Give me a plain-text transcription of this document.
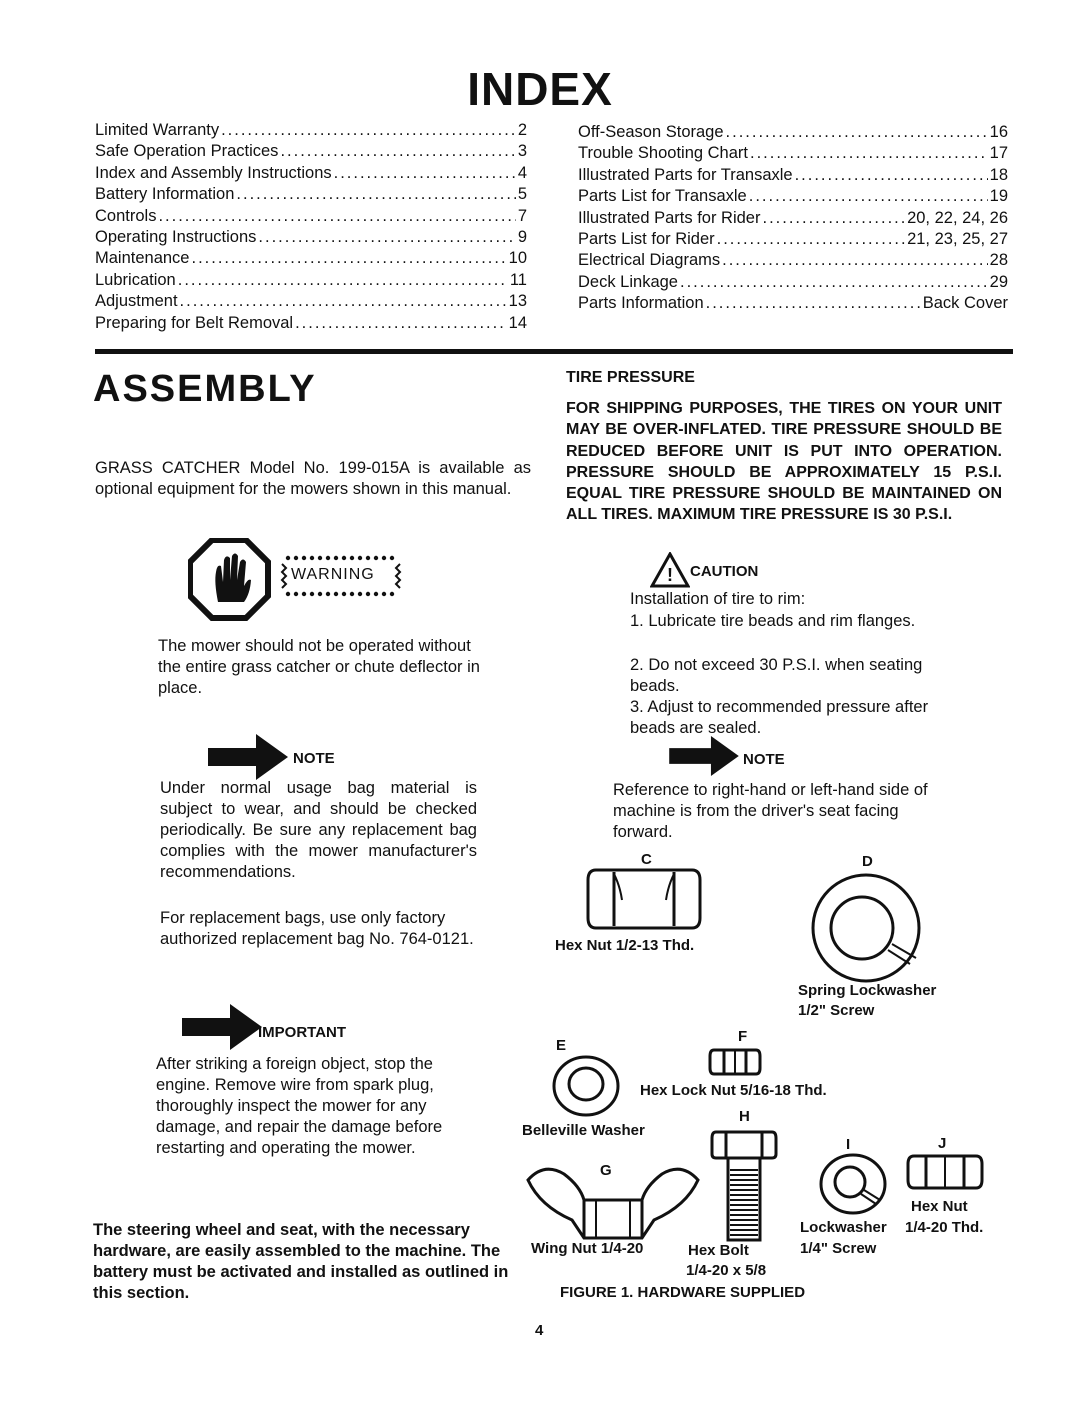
INDEX
Limited Warranty .....	2
Safe Operation Practices .....	3
Index and Assembly Instructions .....	4
Battery Information .....	5
Controls .....	7
Operating Instructions .....	9
Maintenance .....	10
Lubrication .....	11
Adjustment .....	13
Preparing for Belt Removal .....	14
Off-Season Storage .....	16
Trouble Shooting Chart .....	17
Illustrated Parts for Transaxle .....	18
Parts List for Transaxle .....	19
Illustrated Parts for Rider .....	20, 22, 24, 26
Parts List for Rider .....	21, 23, 25, 27
Electrical Diagrams .....	28
Deck Linkage .....	29
Parts Information .....	Back Cover
ASSEMBLY
GRASS CATCHER Model No. 199-015A is available as optional equipment for the mowers shown in this manual.
WARNING
The mower should not be operated without the entire grass catcher or chute deflector in place.
NOTE
Under normal usage bag material is subject to wear, and should be checked periodically. Be sure any replacement bag complies with the mower manufacturer's recommendations.
For replacement bags, use only factory authorized replacement bag No. 764-0121.
IMPORTANT
After striking a foreign object, stop the engine. Remove wire from spark plug, thoroughly inspect the mower for any damage, and repair the damage before restarting and operating the mower.
The steering wheel and seat, with the necessary hardware, are easily assembled to the machine. The battery must be activated and installed as outlined in this section.
TIRE PRESSURE
FOR SHIPPING PURPOSES, THE TIRES ON YOUR UNIT MAY BE OVER-INFLATED. TIRE PRESSURE SHOULD BE REDUCED BEFORE UNIT IS PUT INTO OPERATION. PRESSURE SHOULD BE APPROXIMATELY 15 P.S.I. EQUAL TIRE PRESSURE SHOULD BE MAINTAINED ON ALL TIRES. MAXIMUM TIRE PRESSURE IS 30 P.S.I.
! CAUTION
Installation of tire to rim:
1. Lubricate tire beads and rim flanges.
2. Do not exceed 30 P.S.I. when seating beads.
3. Adjust to recommended pressure after beads are sealed.
NOTE
Reference to right-hand or left-hand side of machine is from the driver's seat facing forward.
C
Hex Nut 1/2-13 Thd.
D
Spring Lockwasher
1/2" Screw
E
Belleville Washer
F
Hex Lock Nut 5/16-18 Thd.
G
Wing Nut 1/4-20
H
Hex Bolt
1/4-20 x 5/8
I
Lockwasher
1/4" Screw
J
Hex Nut
1/4-20 Thd.
FIGURE 1. HARDWARE SUPPLIED
4
